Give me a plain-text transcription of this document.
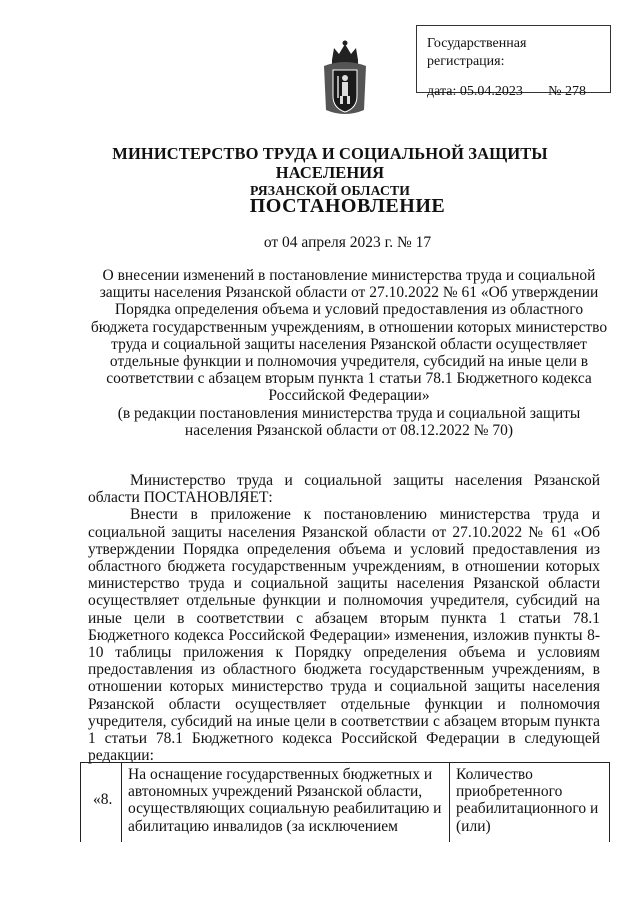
Государственная регистрация:
дата: 05.04.2023 № 278
МИНИСТЕРСТВО ТРУДА И СОЦИАЛЬНОЙ ЗАЩИТЫ НАСЕЛЕНИЯ
РЯЗАНСКОЙ ОБЛАСТИ
ПОСТАНОВЛЕНИЕ
от 04 апреля 2023 г. № 17
О внесении изменений в постановление министерства труда и социальной защиты населения Рязанской области от 27.10.2022 № 61 «Об утверждении Порядка определения объема и условий предоставления из областного бюджета государственным учреждениям, в отношении которых министерство труда и социальной защиты населения Рязанской области осуществляет отдельные функции и полномочия учредителя, субсидий на иные цели в соответствии с абзацем вторым пункта 1 статьи 78.1 Бюджетного кодекса Российской Федерации»
(в редакции постановления министерства труда и социальной защиты населения Рязанской области от 08.12.2022 № 70)

Министерство труда и социальной защиты населения Рязанской области ПОСТАНОВЛЯЕТ:

Внести в приложение к постановлению министерства труда и социальной защиты населения Рязанской области от 27.10.2022 № 61 «Об утверждении Порядка определения объема и условий предоставления из областного бюджета государственным учреждениям, в отношении которых министерство труда и социальной защиты населения Рязанской области осуществляет отдельные функции и полномочия учредителя, субсидий на иные цели в соответствии с абзацем вторым пункта 1 статьи 78.1 Бюджетного кодекса Российской Федерации» изменения, изложив пункты 8-10 таблицы приложения к Порядку определения объема и условиям предоставления из областного бюджета государственным учреждениям, в отношении которых министерство труда и социальной защиты населения Рязанской области осуществляет отдельные функции и полномочия учредителя, субсидий на иные цели в соответствии с абзацем вторым пункта 1 статьи 78.1 Бюджетного кодекса Российской Федерации в следующей редакции:

«8.
На оснащение государственных бюджетных и автономных учреждений Рязанской области, осуществляющих социальную реабилитацию и абилитацию инвалидов (за исключением
Количество приобретенного реабилитационного и (или)
